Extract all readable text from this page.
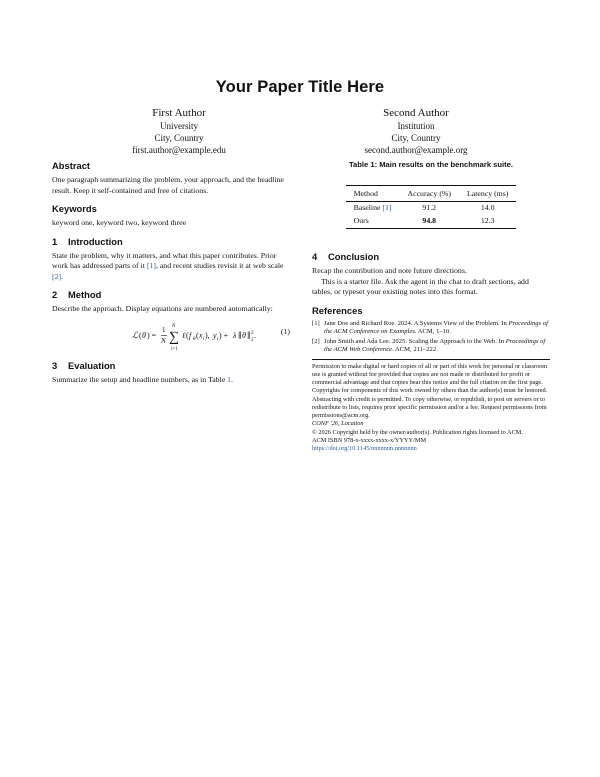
Your Paper Title Here
First Author
University
City, Country
first.author@example.edu
Second Author
Institution
City, Country
second.author@example.org
Abstract

One paragraph summarizing the problem, your approach, and the headline result. Keep it self-contained and free of citations.

Keywords

keyword one, keyword two, keyword three

1 Introduction

State the problem, why it matters, and what this paper contributes. Prior work has addressed parts of it [1], and recent studies revisit it at web scale [2].

2 Method

Describe the approach. Display equations are numbered automatically:

ℒ ( θ ) =
1
N
N
∑
i=1
ℓ ( f θ ( x i ), y i ) + λ ∥ θ ∥ 2
2
.	(1)
3 Evaluation

Summarize the setup and headline numbers, as in Table 1.

Table 1: Main results on the benchmark suite.
Method	Accuracy (%)	Latency (ms)
Baseline [1]	91.2	14.0
Ours	94.8	12.3
4 Conclusion

Recap the contribution and note future directions.

This is a starter file. Ask the agent in the chat to draft sections, add tables, or typeset your existing notes into this format.

References
[1] Jane Doe and Richard Roe. 2024. A Systems View of the Problem. In Proceedings of the ACM Conference on Examples. ACM, 1–10.
[2] John Smith and Ada Lee. 2025. Scaling the Approach to the Web. In Proceedings of the ACM Web Conference. ACM, 211–222.
Permission to make digital or hard copies of all or part of this work for personal or classroom use is granted without fee provided that copies are not made or distributed for profit or commercial advantage and that copies bear this notice and the full citation on the first page. Copyrights for components of this work owned by others than the author(s) must be honored. Abstracting with credit is permitted. To copy otherwise, or republish, to post on servers or to redistribute to lists, requires prior specific permission and/or a fee. Request permissions from permissions@acm.org.
CONF '26, Location
© 2026 Copyright held by the owner/author(s). Publication rights licensed to ACM.
ACM ISBN 978-x-xxxx-xxxx-x/YYYY/MM
https://doi.org/10.1145/nnnnnnn.nnnnnnn
